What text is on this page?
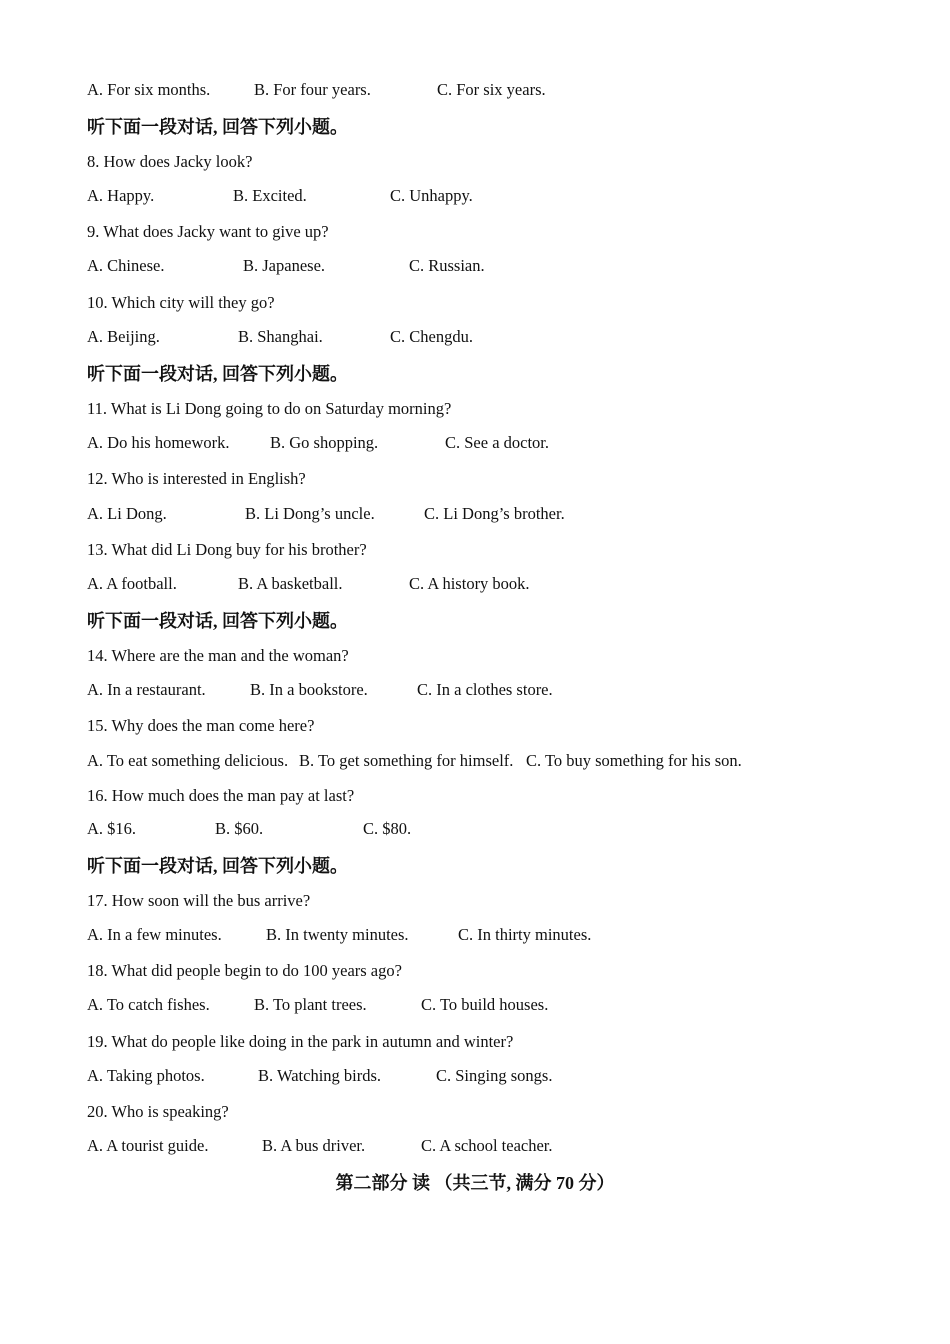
A. For six months.	B. For four years.	C. For six years.

听下面一段对话, 回答下列小题。

8. How does Jacky look?

A. Happy.	B. Excited.	C. Unhappy.

9. What does Jacky want to give up?

A. Chinese.	B. Japanese.	C. Russian.

10. Which city will they go?

A. Beijing.	B. Shanghai.	C. Chengdu.

听下面一段对话, 回答下列小题。

11. What is Li Dong going to do on Saturday morning?

A. Do his homework. B. Go shopping.	C. See a doctor.

12. Who is interested in English?

A. Li Dong.	B. Li Dong’s uncle.	C. Li Dong’s brother.

13. What did Li Dong buy for his brother?

A. A football.	B. A basketball.	C. A history book.

听下面一段对话, 回答下列小题。

14. Where are the man and the woman?

A. In a restaurant.	B. In a bookstore.	C. In a clothes store.

15. Why does the man come here?

A. To eat something delicious. B. To get something for himself. C. To buy something for his son.

16. How much does the man pay at last?

A. $16.	B. $60.	C. $80.

听下面一段对话, 回答下列小题。

17. How soon will the bus arrive?

A. In a few minutes.	B. In twenty minutes.	C. In thirty minutes.

18. What did people begin to do 100 years ago?

A. To catch fishes.	B. To plant trees.	C. To build houses.

19. What do people like doing in the park in autumn and winter?

A. Taking photos.	B. Watching birds.	C. Singing songs.

20. Who is speaking?

A. A tourist guide.	B. A bus driver.	C. A school teacher.

第二部分 读 （共三节, 满分 70 分）
